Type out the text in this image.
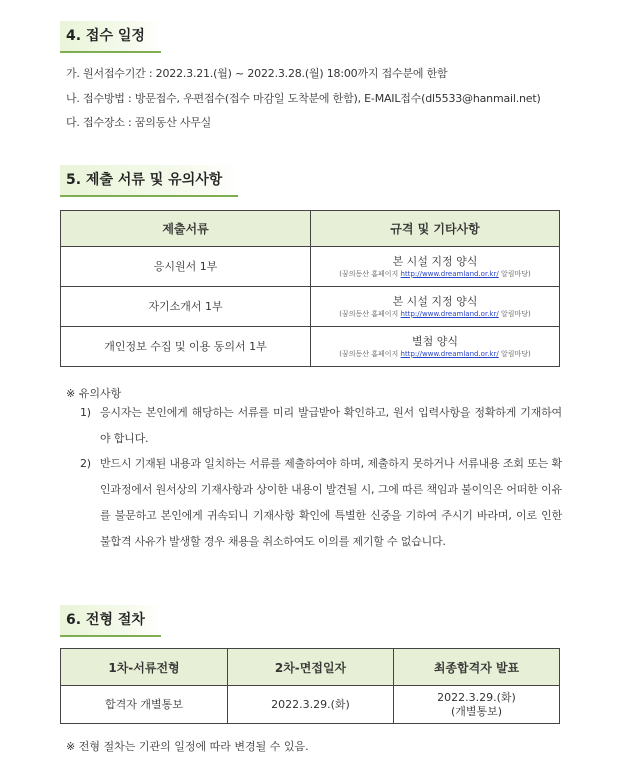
4. 접수 일정
가. 원서접수기간 : 2022.3.21.(월) ~ 2022.3.28.(월) 18:00까지 접수분에 한함
나. 접수방법 : 방문접수, 우편접수(접수 마감일 도착분에 한함), E-MAIL접수(dl5533@hanmail.net)
다. 접수장소 : 꿈의동산 사무실
5. 제출 서류 및 유의사항
제출서류	규격 및 기타사항
응시원서 1부	본 시설 지정 양식
(꿈의동산 홈페이지 http://www.dreamland.or.kr/ 알림마당)

자기소개서 1부	본 시설 지정 양식
(꿈의동산 홈페이지 http://www.dreamland.or.kr/ 알림마당)

개인정보 수집 및 이용 동의서 1부	별첨 양식
(꿈의동산 홈페이지 http://www.dreamland.or.kr/ 알림마당)
※ 유의사항
1) 응시자는 본인에게 해당하는 서류를 미리 발급받아 확인하고, 원서 입력사항을 정확하게 기재하여야 합니다.
2) 반드시 기재된 내용과 일치하는 서류를 제출하여야 하며, 제출하지 못하거나 서류내용 조회 또는 확인과정에서 원서상의 기재사항과 상이한 내용이 발견될 시, 그에 따른 책임과 불이익은 어떠한 이유를 불문하고 본인에게 귀속되니 기재사항 확인에 특별한 신중을 기하여 주시기 바라며, 이로 인한 불합격 사유가 발생할 경우 채용을 취소하여도 이의를 제기할 수 없습니다.
6. 전형 절차
1차-서류전형	2차-면접일자	최종합격자 발표
합격자 개별통보	2022.3.29.(화)	2022.3.29.(화)
(개별통보)
※ 전형 절차는 기관의 일정에 따라 변경될 수 있음.
